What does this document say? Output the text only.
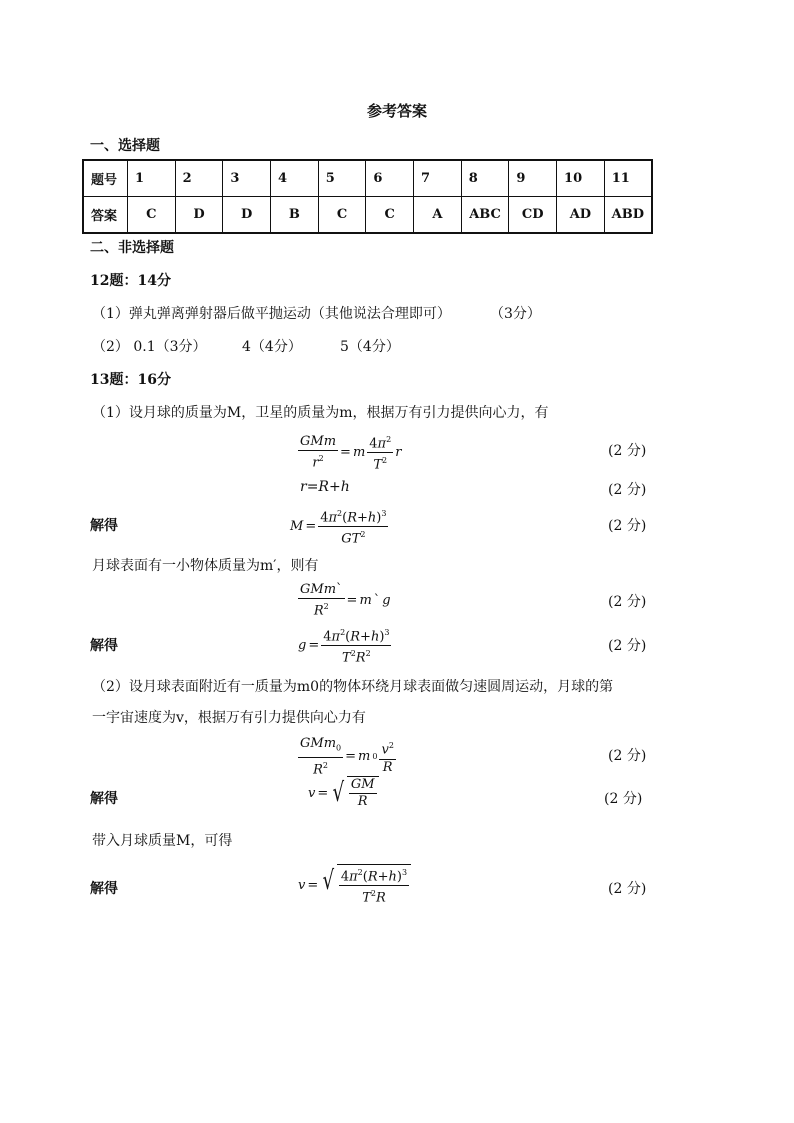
参考答案
一、选择题
题号	1	2	3	4	5	6	7	8	9	10	11
答案	C	D	D	B	C	C	A	ABC	CD	AD	ABD
二、非选择题
12题：14分
（1）弹丸弹离弹射器后做平抛运动（其他说法合理即可）	（3分）
（2） 0.1（3分）	4（4分）	5（4分）
13题：16分
（1）设月球的质量为M，卫星的质量为m，根据万有引力提供向心力，有
$\frac{\text{GMm}}{r^2} = m \frac{4\pi^2}{T^2}$ r	(2 分)
r=R+h	(2 分)
解得	$M = \frac{4\pi^2(R+h)^3}{GT^2}$	(2 分)
月球表面有一小物体质量为m′，则有
$\frac{\text{GMm`}}{R^2} = m$ ` g	(2 分)
解得	$g = \frac{4\pi^2(R+h)^3}{T^2R^2}$	(2 分)
（2）设月球表面附近有一质量为m0的物体环绕月球表面做匀速圆周运动，月球的第
一宇宙速度为v，根据万有引力提供向心力有
$\frac{GMm_0}{R^2} = m$ $0 \frac{v^2}{R}$	(2 分)
解得	v = √ $\frac{GM}{R}$	(2 分)
带入月球质量M，可得
解得	v = √ $\frac{4\pi^2(R+h)^3}{T^2R}$	(2 分)
